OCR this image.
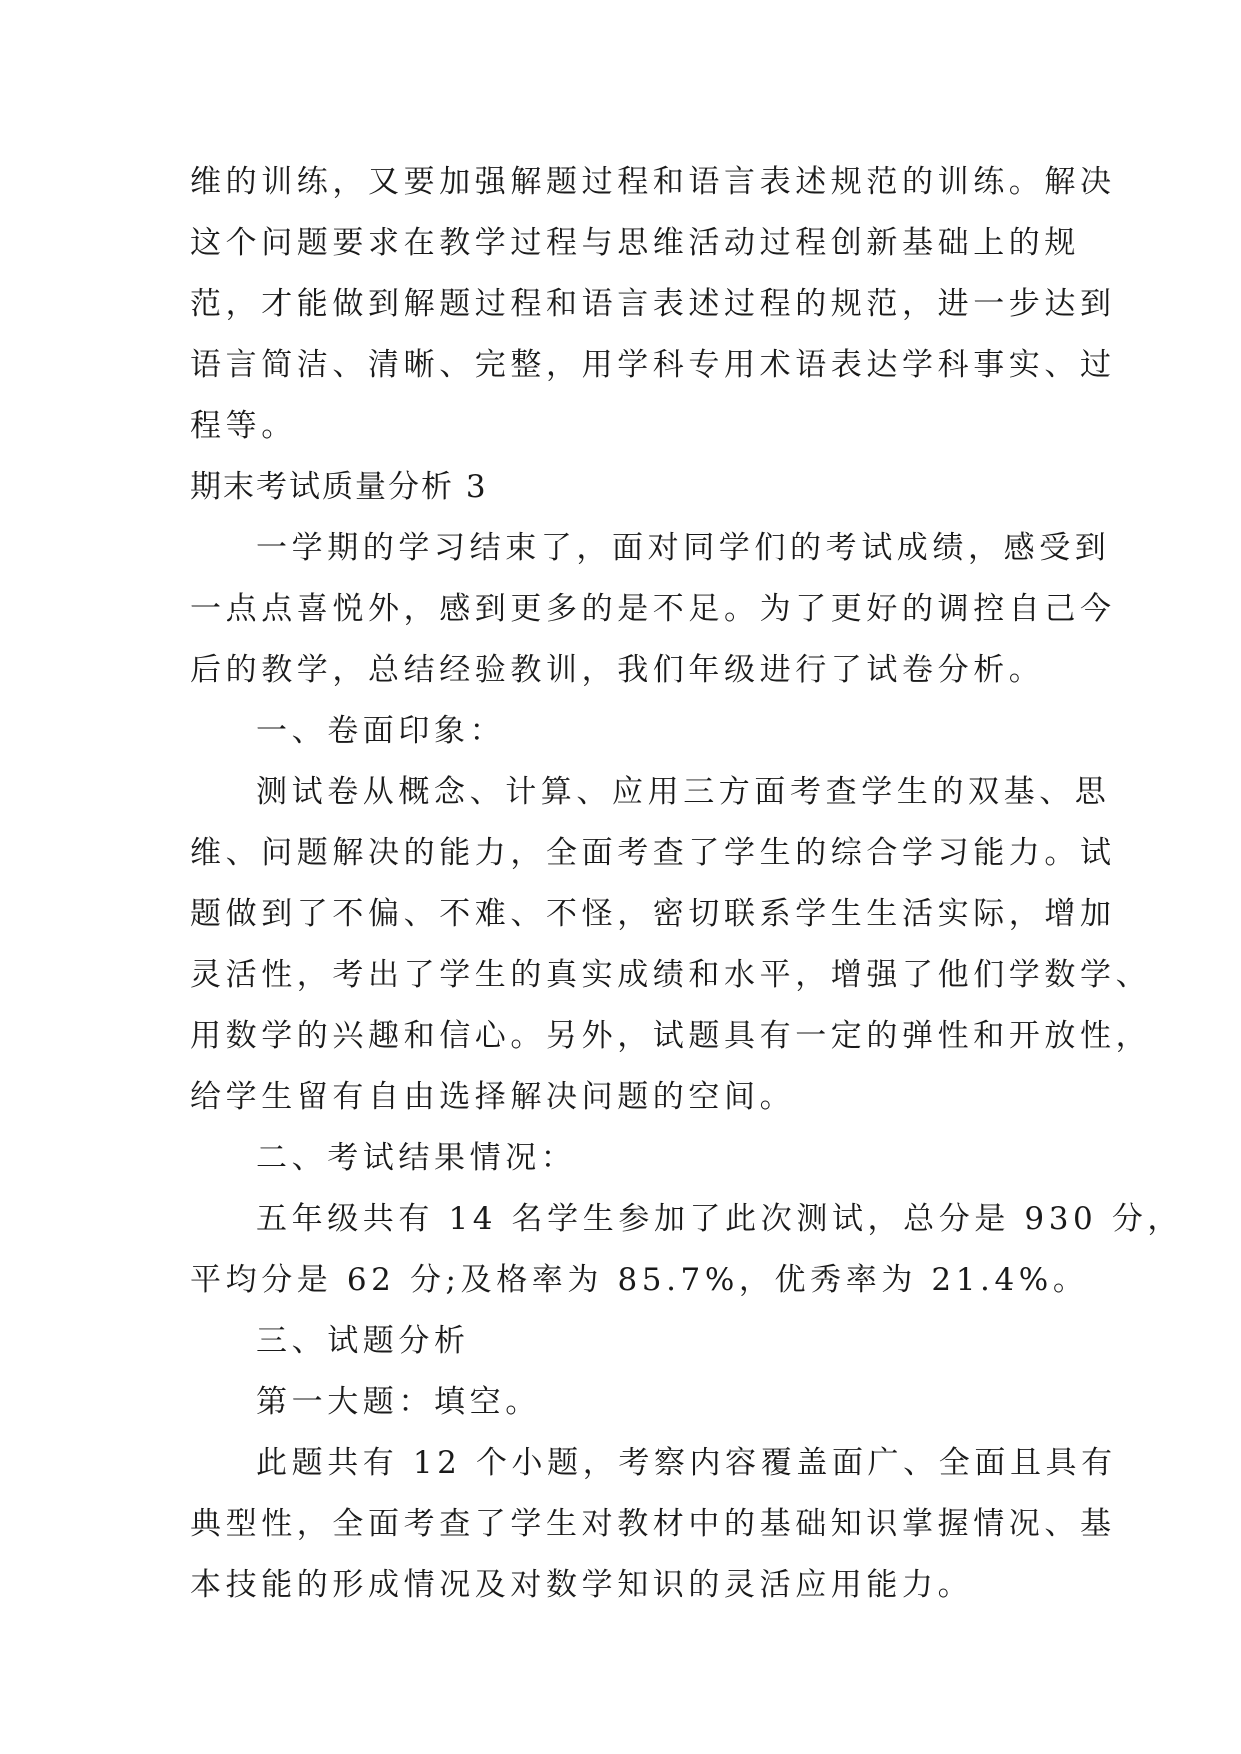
维的训练，又要加强解题过程和语言表述规范的训练。解决
这个问题要求在教学过程与思维活动过程创新基础上的规
范，才能做到解题过程和语言表述过程的规范，进一步达到
语言简洁、清晰、完整，用学科专用术语表达学科事实、过
程等。
期末考试质量分析 3
一学期的学习结束了，面对同学们的考试成绩，感受到
一点点喜悦外，感到更多的是不足。为了更好的调控自己今
后的教学，总结经验教训，我们年级进行了试卷分析。
一、卷面印象：
测试卷从概念、计算、应用三方面考查学生的双基、思
维、问题解决的能力，全面考查了学生的综合学习能力。试
题做到了不偏、不难、不怪，密切联系学生生活实际，增加
灵活性，考出了学生的真实成绩和水平，增强了他们学数学、
用数学的兴趣和信心。另外，试题具有一定的弹性和开放性，
给学生留有自由选择解决问题的空间。
二、考试结果情况：
五年级共有 14 名学生参加了此次测试，总分是 930 分，
平均分是 62 分;及格率为 85.7%，优秀率为 21.4%。
三、试题分析
第一大题：填空。
此题共有 12 个小题，考察内容覆盖面广、全面且具有
典型性，全面考查了学生对教材中的基础知识掌握情况、基
本技能的形成情况及对数学知识的灵活应用能力。
